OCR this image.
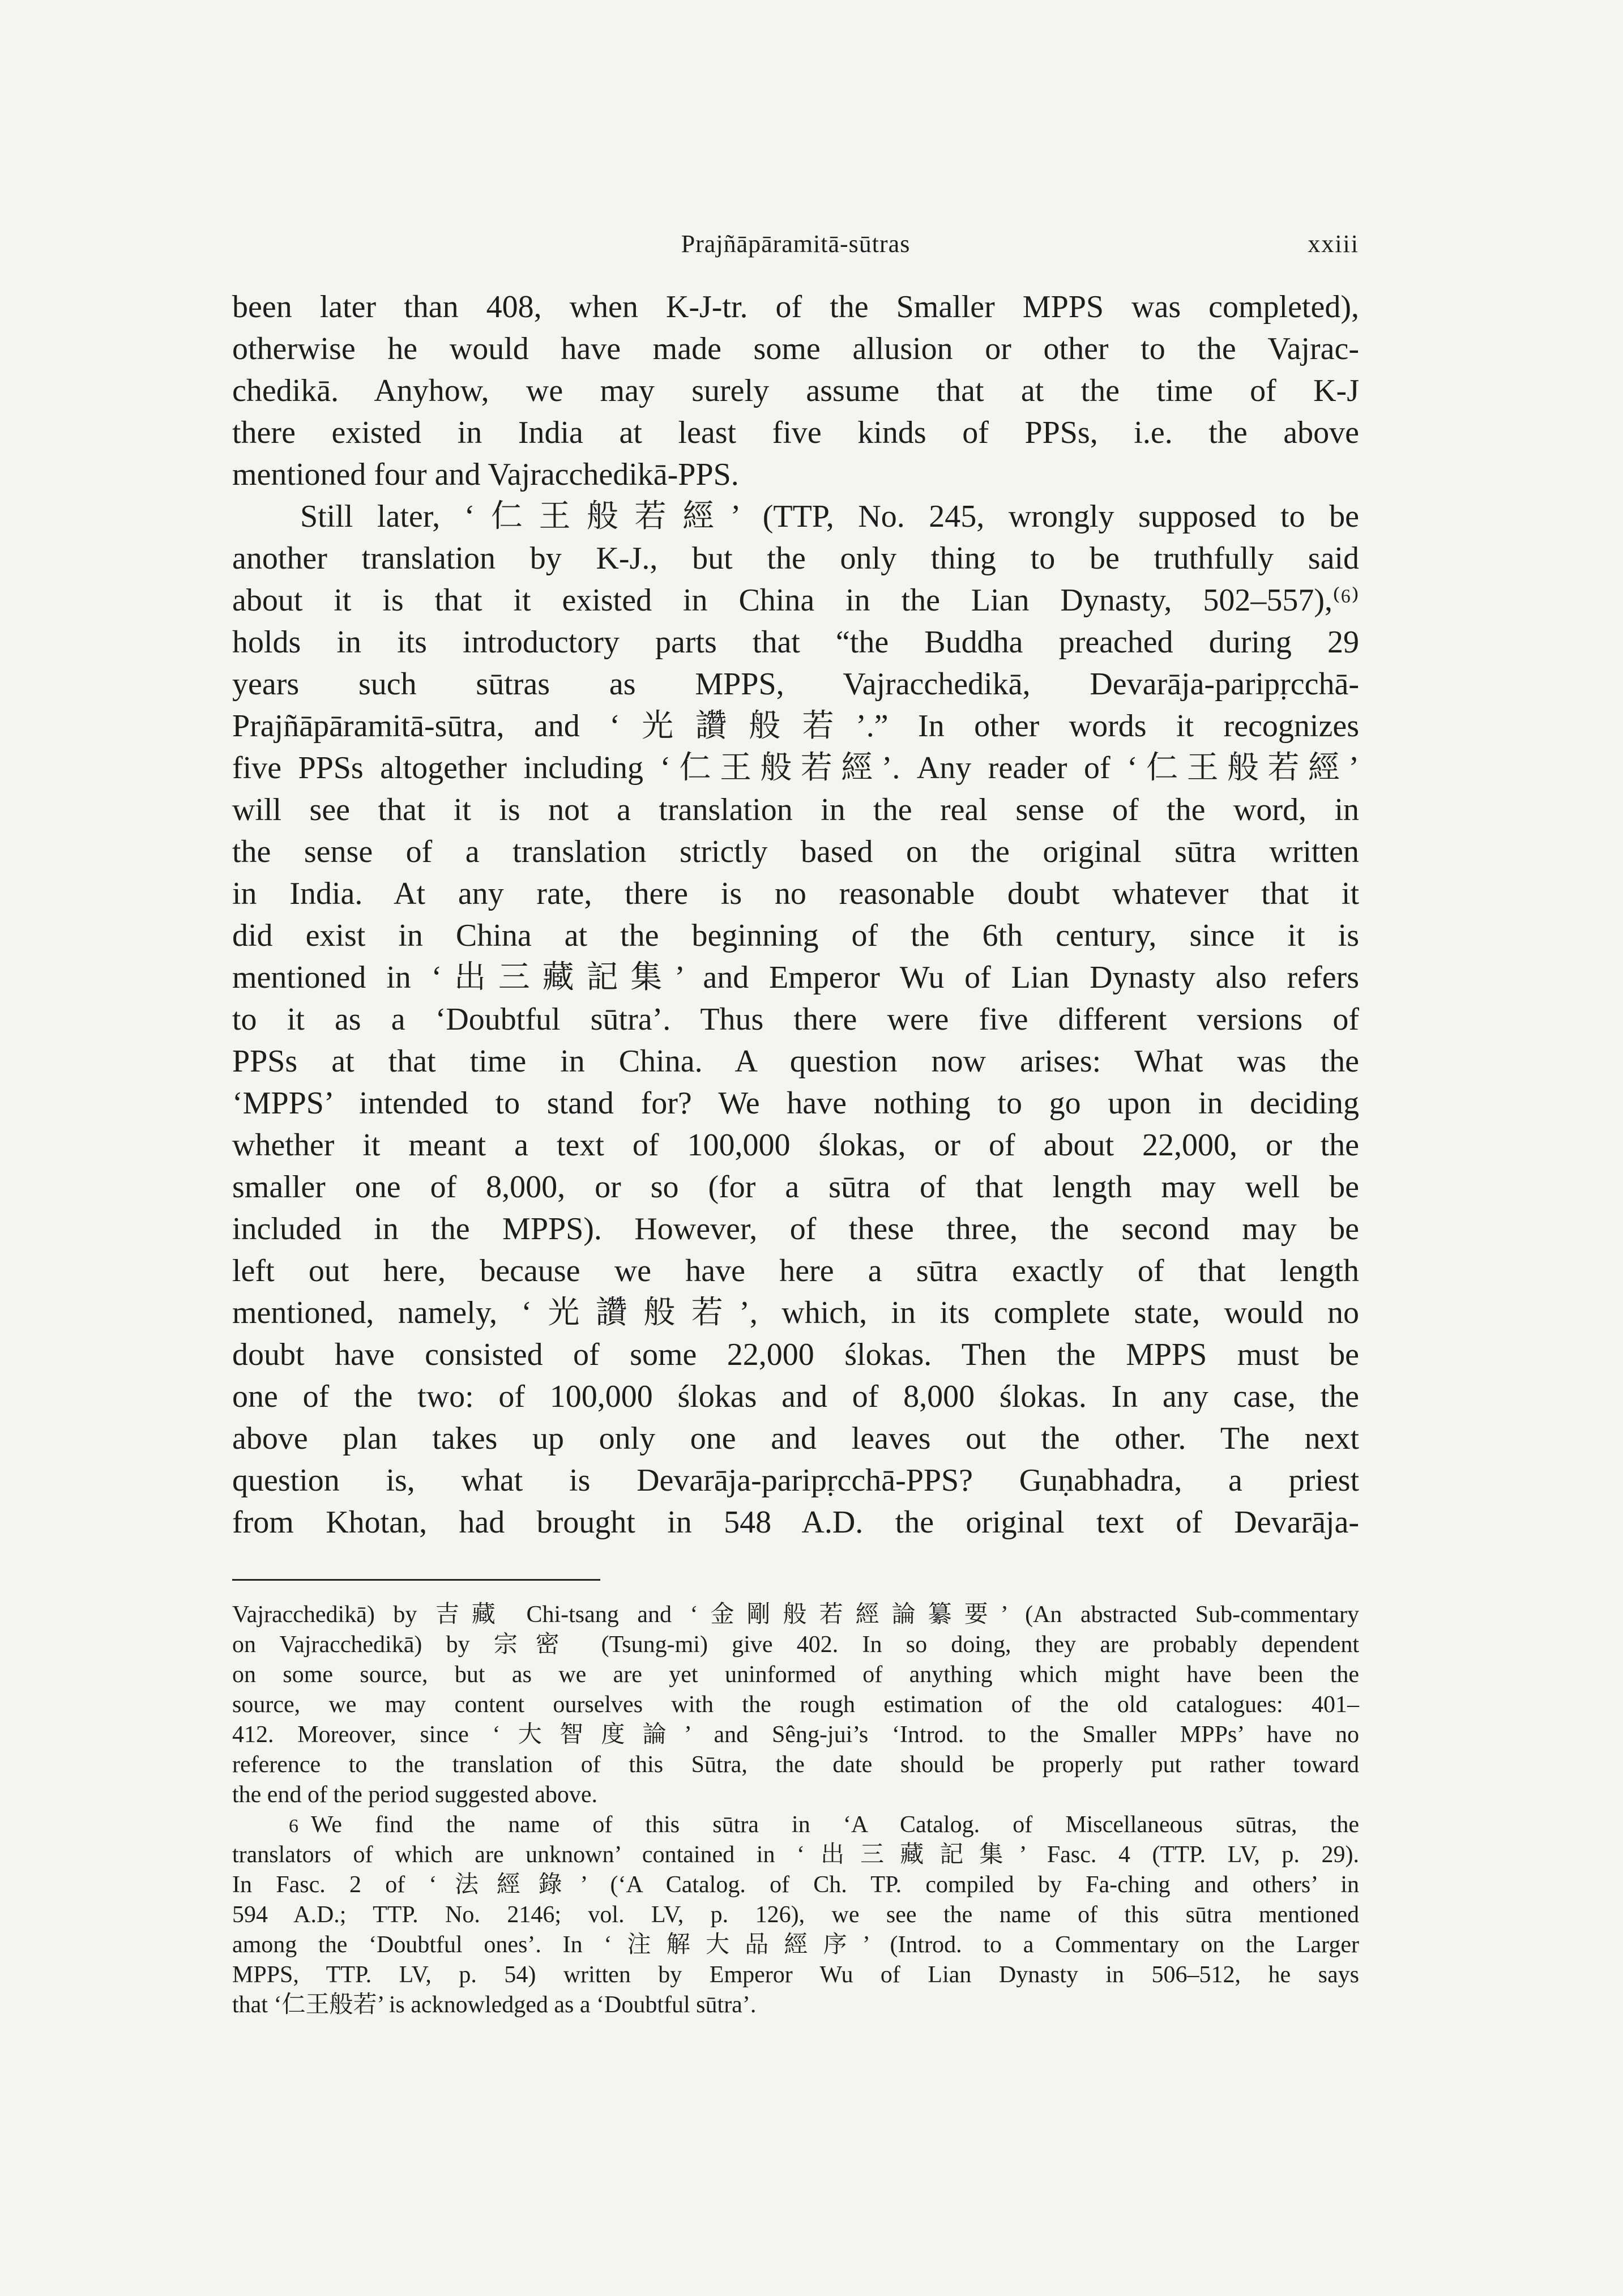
Prajñāpāramitā-sūtras	xxiii
been later than 408, when K-J-tr. of the Smaller MPPS was completed),
otherwise he would have made some allusion or other to the Vajrac-
chedikā. Anyhow, we may surely assume that at the time of K-J
there existed in India at least five kinds of PPSs, i.e. the above
mentioned four and Vajracchedikā-PPS.
Still later, ‘仁王般若經’ (TTP, No. 245, wrongly supposed to be
another translation by K-J., but the only thing to be truthfully said
about it is that it existed in China in the Lian Dynasty, 502–557),⁽⁶⁾
holds in its introductory parts that “the Buddha preached during 29
years such sūtras as MPPS, Vajracchedikā, Devarāja-paripṛcchā-
Prajñāpāramitā-sūtra, and ‘光讚般若’.” In other words it recognizes
five PPSs altogether including ‘仁王般若經’. Any reader of ‘仁王般若經’
will see that it is not a translation in the real sense of the word, in
the sense of a translation strictly based on the original sūtra written
in India. At any rate, there is no reasonable doubt whatever that it
did exist in China at the beginning of the 6th century, since it is
mentioned in ‘出三藏記集’ and Emperor Wu of Lian Dynasty also refers
to it as a ‘Doubtful sūtra’. Thus there were five different versions of
PPSs at that time in China. A question now arises: What was the
‘MPPS’ intended to stand for? We have nothing to go upon in deciding
whether it meant a text of 100,000 ślokas, or of about 22,000, or the
smaller one of 8,000, or so (for a sūtra of that length may well be
included in the MPPS). However, of these three, the second may be
left out here, because we have here a sūtra exactly of that length
mentioned, namely, ‘光讚般若’, which, in its complete state, would no
doubt have consisted of some 22,000 ślokas. Then the MPPS must be
one of the two: of 100,000 ślokas and of 8,000 ślokas. In any case, the
above plan takes up only one and leaves out the other. The next
question is, what is Devarāja-paripṛcchā-PPS? Guṇabhadra, a priest
from Khotan, had brought in 548 A.D. the original text of Devarāja-
Vajracchedikā) by 吉藏 Chi-tsang and ‘金剛般若經論纂要’ (An abstracted Sub-commentary
on Vajracchedikā) by 宗密 (Tsung-mi) give 402. In so doing, they are probably dependent
on some source, but as we are yet uninformed of anything which might have been the
source, we may content ourselves with the rough estimation of the old catalogues: 401–
412. Moreover, since ‘大智度論’ and Sêng-jui’s ‘Introd. to the Smaller MPPs’ have no
reference to the translation of this Sūtra, the date should be properly put rather toward
the end of the period suggested above.
6 We find the name of this sūtra in ‘A Catalog. of Miscellaneous sūtras, the
translators of which are unknown’ contained in ‘出三藏記集’ Fasc. 4 (TTP. LV, p. 29).
In Fasc. 2 of ‘法經錄’ (‘A Catalog. of Ch. TP. compiled by Fa-ching and others’ in
594 A.D.; TTP. No. 2146; vol. LV, p. 126), we see the name of this sūtra mentioned
among the ‘Doubtful ones’. In ‘注解大品經序’ (Introd. to a Commentary on the Larger
MPPS, TTP. LV, p. 54) written by Emperor Wu of Lian Dynasty in 506–512, he says
that ‘仁王般若’ is acknowledged as a ‘Doubtful sūtra’.
